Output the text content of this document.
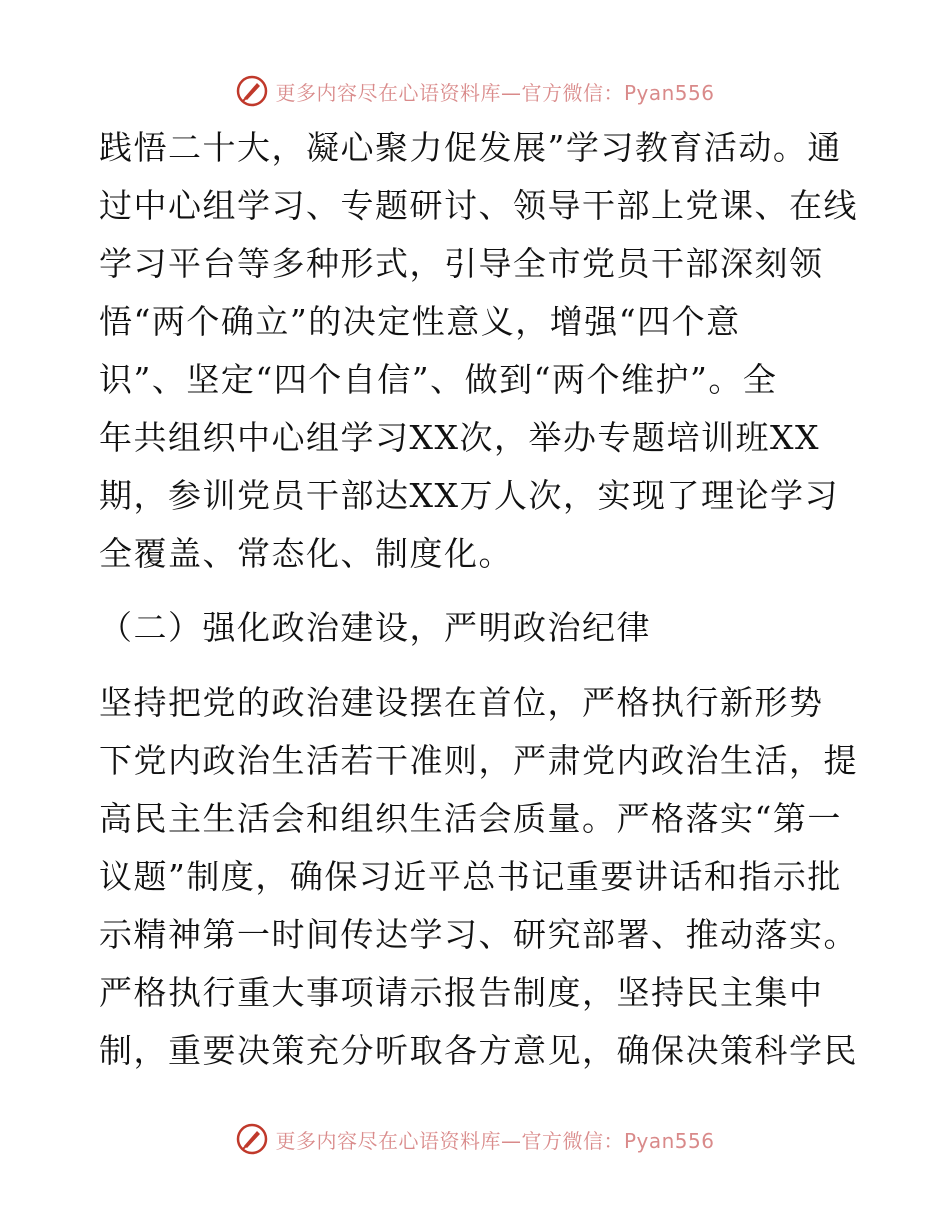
更多内容尽在心语资料库—官方微信：Pyan556
践悟二十大，凝心聚力促发展”学习教育活动。通
过中心组学习、专题研讨、领导干部上党课、在线
学习平台等多种形式，引导全市党员干部深刻领
悟“两个确立”的决定性意义，增强“四个意
识”、坚定“四个自信”、做到“两个维护”。全
年共组织中心组学习XX次，举办专题培训班XX
期，参训党员干部达XX万人次，实现了理论学习
全覆盖、常态化、制度化。
（二）强化政治建设，严明政治纪律
坚持把党的政治建设摆在首位，严格执行新形势
下党内政治生活若干准则，严肃党内政治生活，提
高民主生活会和组织生活会质量。严格落实“第一
议题”制度，确保习近平总书记重要讲话和指示批
示精神第一时间传达学习、研究部署、推动落实。
严格执行重大事项请示报告制度，坚持民主集中
制，重要决策充分听取各方意见，确保决策科学民
更多内容尽在心语资料库—官方微信：Pyan556
